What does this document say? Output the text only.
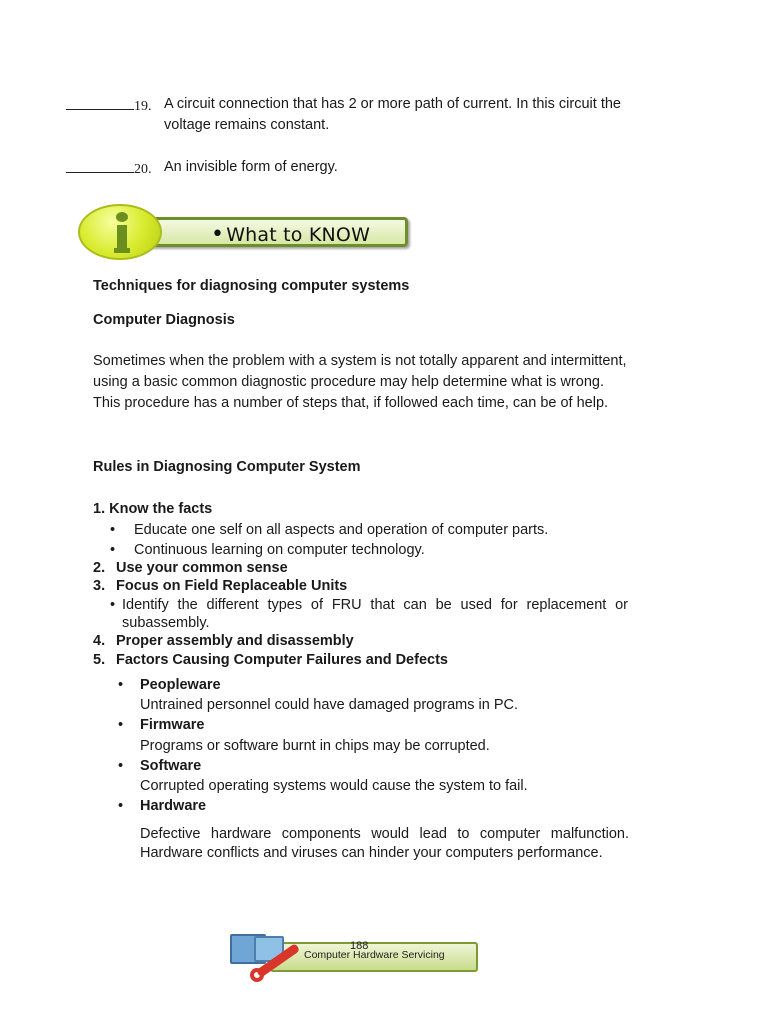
19. A circuit connection that has 2 or more path of current. In this circuit the voltage remains constant.
20. An invisible form of energy.
• What to KNOW
Techniques for diagnosing computer systems
Computer Diagnosis
Sometimes when the problem with a system is not totally apparent and intermittent, using a basic common diagnostic procedure may help determine what is wrong. This procedure has a number of steps that, if followed each time, can be of help.
Rules in Diagnosing Computer System
1. Know the facts
• Educate one self on all aspects and operation of computer parts.
• Continuous learning on computer technology.
2. Use your common sense
3. Focus on Field Replaceable Units
• Identify the different types of FRU that can be used for replacement or subassembly.
4. Proper assembly and disassembly
5. Factors Causing Computer Failures and Defects
• Peopleware
Untrained personnel could have damaged programs in PC.
• Firmware
Programs or software burnt in chips may be corrupted.
• Software
Corrupted operating systems would cause the system to fail.
• Hardware
Defective hardware components would lead to computer malfunction. Hardware conflicts and viruses can hinder your computers performance.
188
Computer Hardware Servicing
